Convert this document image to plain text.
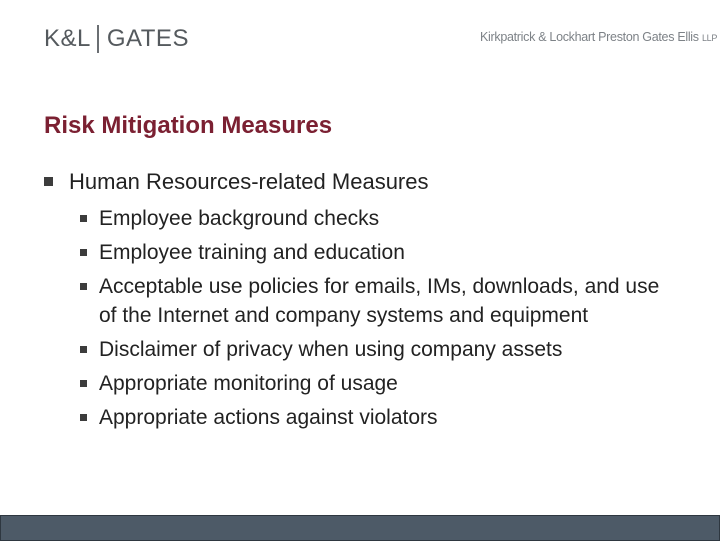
K&L GATES	Kirkpatrick & Lockhart Preston Gates Ellis LLP
Risk Mitigation Measures
Human Resources-related Measures
Employee background checks
Employee training and education
Acceptable use policies for emails, IMs, downloads, and use of the Internet and company systems and equipment
Disclaimer of privacy when using company assets
Appropriate monitoring of usage
Appropriate actions against violators
